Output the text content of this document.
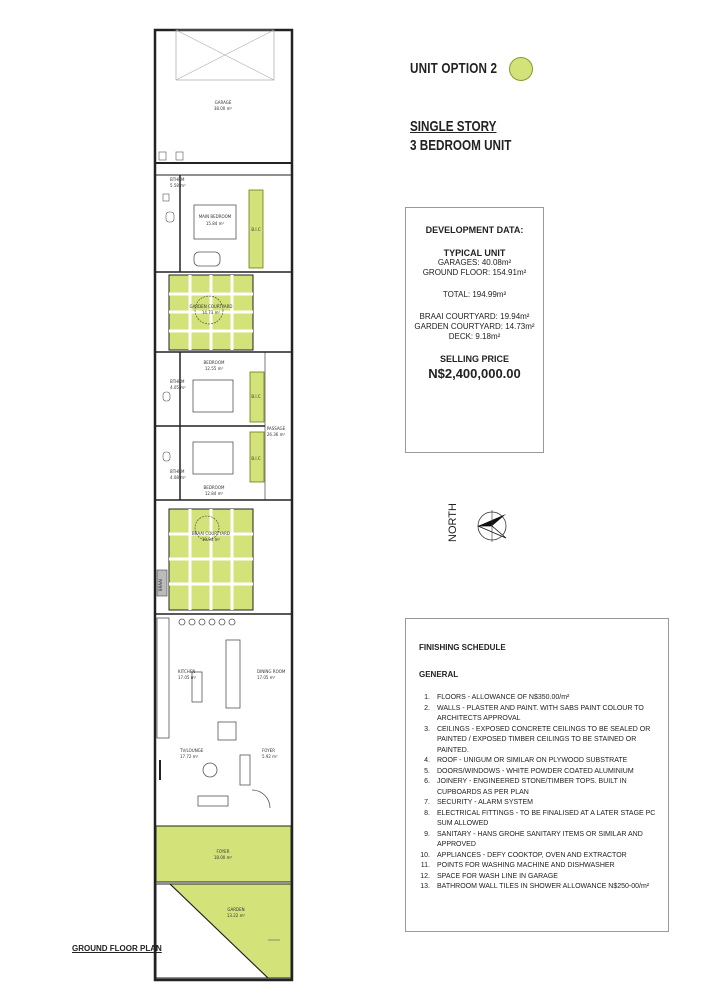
GARAGE
38.00 m²
BTHRM
5.58 m²
MAIN BEDROOM
15.84 m²
B.I.C
GARDEN COURTYARD
14.73 m²
BEDROOM
12.55 m²
BTHRM
4.05 m²
B.I.C
PASSAGE
26.36 m²
B.I.C
BTHRM
4.08 m²
BEDROOM
12.84 m²
BRAAI COURTYARD
19.94 m²
BRAAI
KITCHEN
17.05 m²
DINING ROOM
17.05 m²
TV/LOUNGE
17.72 m²
FOYER
5.92 m²
FOYER
18.00 m²
GARDEN
13.22 m²
UNIT OPTION 2
SINGLE STORY
3 BEDROOM UNIT
DEVELOPMENT DATA:
TYPICAL UNIT
GARAGES: 40.08m²
GROUND FLOOR: 154.91m²
TOTAL: 194.99m²
BRAAI COURTYARD: 19.94m²
GARDEN COURTYARD: 14.73m²
DECK: 9.18m²
SELLING PRICE
N$2,400,000.00
NORTH
FINISHING SCHEDULE
GENERAL
1.	FLOORS - ALLOWANCE OF N$350.00/m²
2.	WALLS - PLASTER AND PAINT. WITH SABS PAINT COLOUR TO ARCHITECTS APPROVAL
3.	CEILINGS - EXPOSED CONCRETE CEILINGS TO BE SEALED OR PAINTED / EXPOSED TIMBER CEILINGS TO BE STAINED OR PAINTED.
4.	ROOF - UNIGUM OR SIMILAR ON PLYWOOD SUBSTRATE
5.	DOORS/WINDOWS - WHITE POWDER COATED ALUMINIUM
6.	JOINERY - ENGINEERED STONE/TIMBER TOPS. BUILT IN CUPBOARDS AS PER PLAN
7.	SECURITY - ALARM SYSTEM
8.	ELECTRICAL FITTINGS - TO BE FINALISED AT A LATER STAGE PC SUM ALLOWED
9.	SANITARY - HANS GROHE SANITARY ITEMS OR SIMILAR AND APPROVED
10.	APPLIANCES - DEFY COOKTOP, OVEN AND EXTRACTOR
11.	POINTS FOR WASHING MACHINE AND DISHWASHER
12.	SPACE FOR WASH LINE IN GARAGE
13.	BATHROOM WALL TILES IN SHOWER ALLOWANCE N$250-00/m²
GROUND FLOOR PLAN
